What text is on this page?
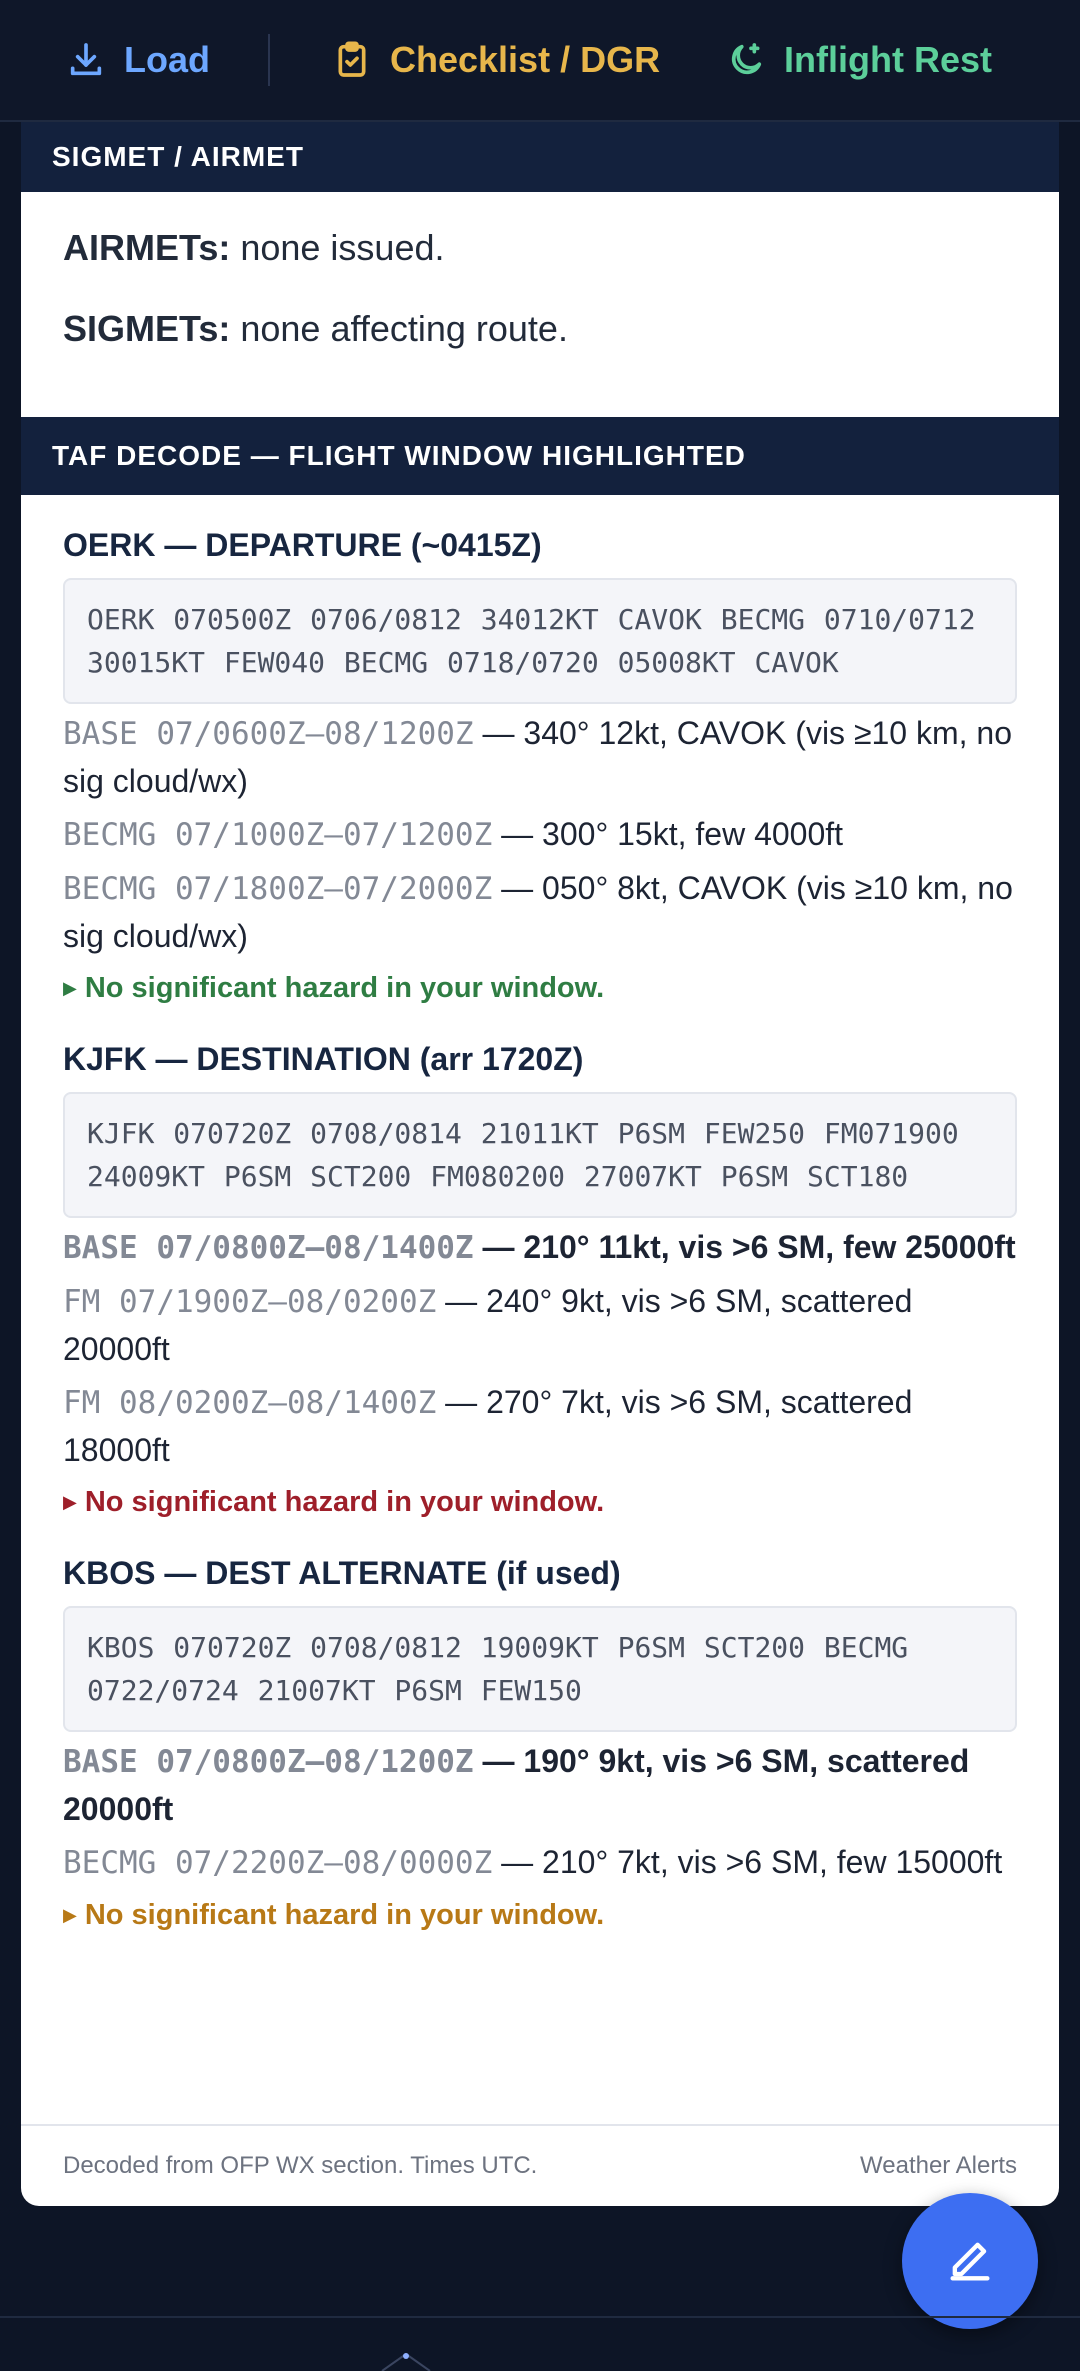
Load	Checklist / DGR	Inflight Rest
SIGMET / AIRMET
AIRMETs: none issued.
SIGMETs: none affecting route.
TAF DECODE — FLIGHT WINDOW HIGHLIGHTED
OERK — DEPARTURE (~0415Z)
OERK 070500Z 0706/0812 34012KT CAVOK BECMG 0710/0712 30015KT FEW040 BECMG 0718/0720 05008KT CAVOK
BASE 07/0600Z–08/1200Z — 340° 12kt, CAVOK (vis ≥10 km, no sig cloud/wx)
BECMG 07/1000Z–07/1200Z — 300° 15kt, few 4000ft
BECMG 07/1800Z–07/2000Z — 050° 8kt, CAVOK (vis ≥10 km, no sig cloud/wx)
▶ No significant hazard in your window.
KJFK — DESTINATION (arr 1720Z)
KJFK 070720Z 0708/0814 21011KT P6SM FEW250 FM071900 24009KT P6SM SCT200 FM080200 27007KT P6SM SCT180
BASE 07/0800Z–08/1400Z — 210° 11kt, vis >6 SM, few 25000ft
FM 07/1900Z–08/0200Z — 240° 9kt, vis >6 SM, scattered 20000ft
FM 08/0200Z–08/1400Z — 270° 7kt, vis >6 SM, scattered 18000ft
▶ No significant hazard in your window.
KBOS — DEST ALTERNATE (if used)
KBOS 070720Z 0708/0812 19009KT P6SM SCT200 BECMG 0722/0724 21007KT P6SM FEW150
BASE 07/0800Z–08/1200Z — 190° 9kt, vis >6 SM, scattered 20000ft
BECMG 07/2200Z–08/0000Z — 210° 7kt, vis >6 SM, few 15000ft
▶ No significant hazard in your window.
Decoded from OFP WX section. Times UTC.	Weather Alerts
